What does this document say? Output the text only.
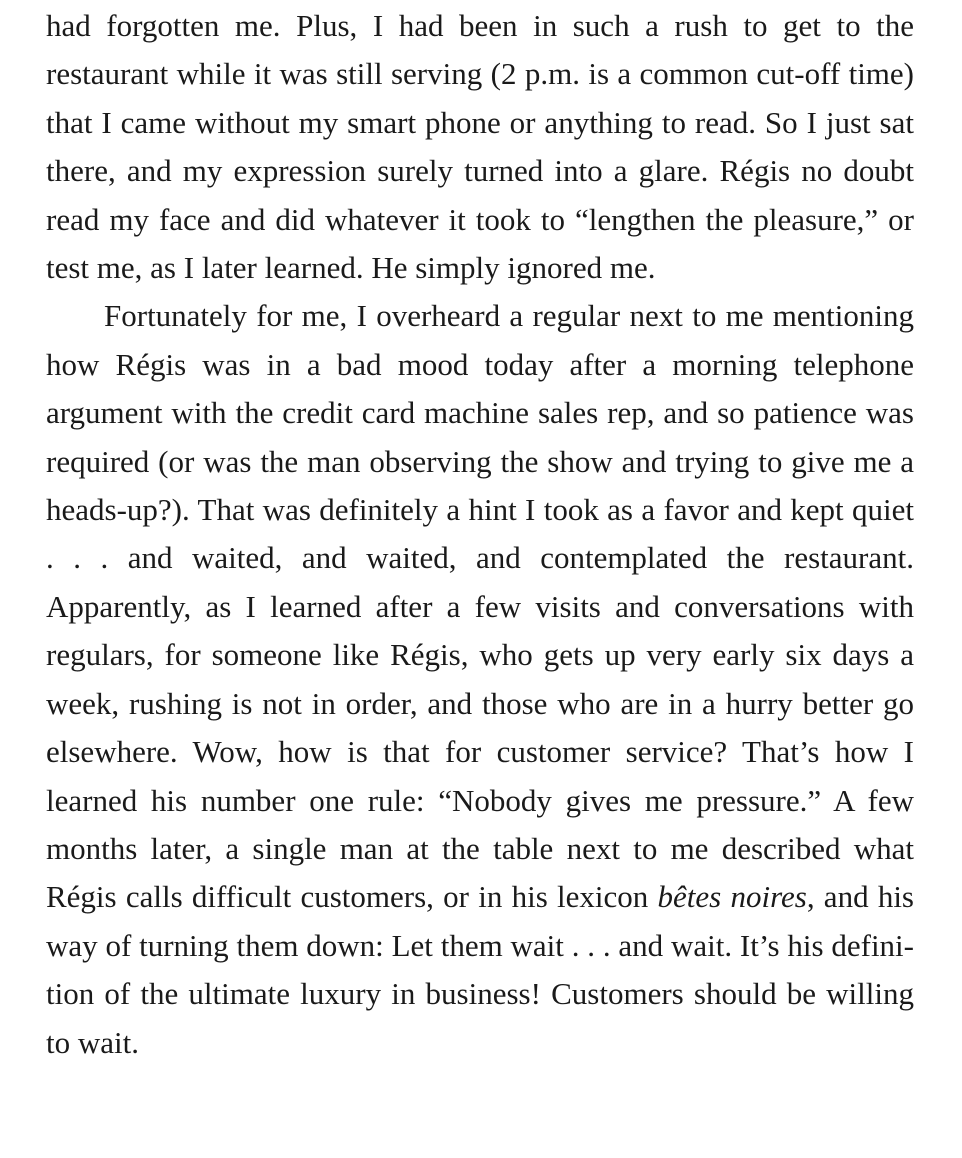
had forgotten me. Plus, I had been in such a rush to get to the restaurant while it was still serving (2 p.m. is a common cut-off time) that I came without my smart phone or anything to read. So I just sat there, and my expression surely turned into a glare. Régis no doubt read my face and did whatever it took to “lengthen the pleasure,” or test me, as I later learned. He simply ignored me.

Fortunately for me, I overheard a regular next to me mentioning how Régis was in a bad mood today after a morning telephone argument with the credit card machine sales rep, and so patience was required (or was the man observing the show and trying to give me a heads-up?). That was definitely a hint I took as a favor and kept quiet . . . and waited, and waited, and contemplated the restaurant. Apparently, as I learned after a few visits and conversations with regulars, for someone like Régis, who gets up very early six days a week, rushing is not in order, and those who are in a hurry better go elsewhere. Wow, how is that for customer service? That’s how I learned his number one rule: “Nobody gives me pressure.” A few months later, a single man at the table next to me described what Régis calls difficult customers, or in his lexicon bêtes noires, and his way of turning them down: Let them wait . . . and wait. It’s his definition of the ultimate luxury in business! Customers should be willing to wait.
